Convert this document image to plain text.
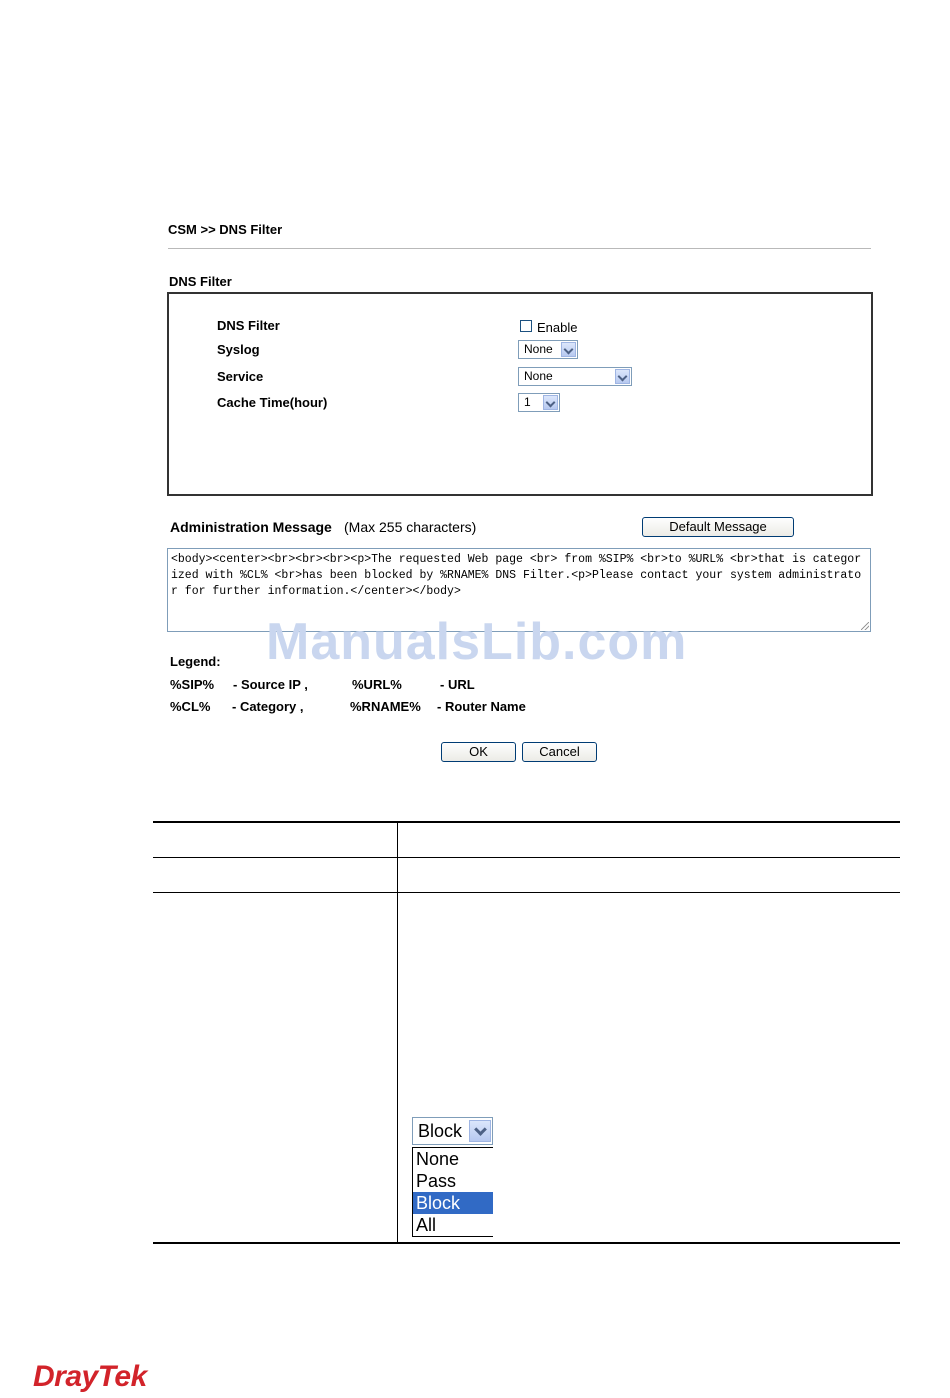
CSM >> DNS Filter
DNS Filter
DNS Filter	Enable
Syslog	None
Service	None
Cache Time(hour)	1
Administration Message (Max 255 characters)	Default Message
<body><center><br><br><br><p>The requested Web page <br> from %SIP% <br>to %URL% <br>that is categorized with %CL% <br>has been blocked by %RNAME% DNS Filter.<p>Please contact your system administrator for further information.</center></body>
ManualsLib.com
Legend:
%SIP% - Source IP ,	%URL%	- URL
%CL% - Category ,	%RNAME% - Router Name
OK	Cancel
Block
None
Pass
Block
All
DrayTek
